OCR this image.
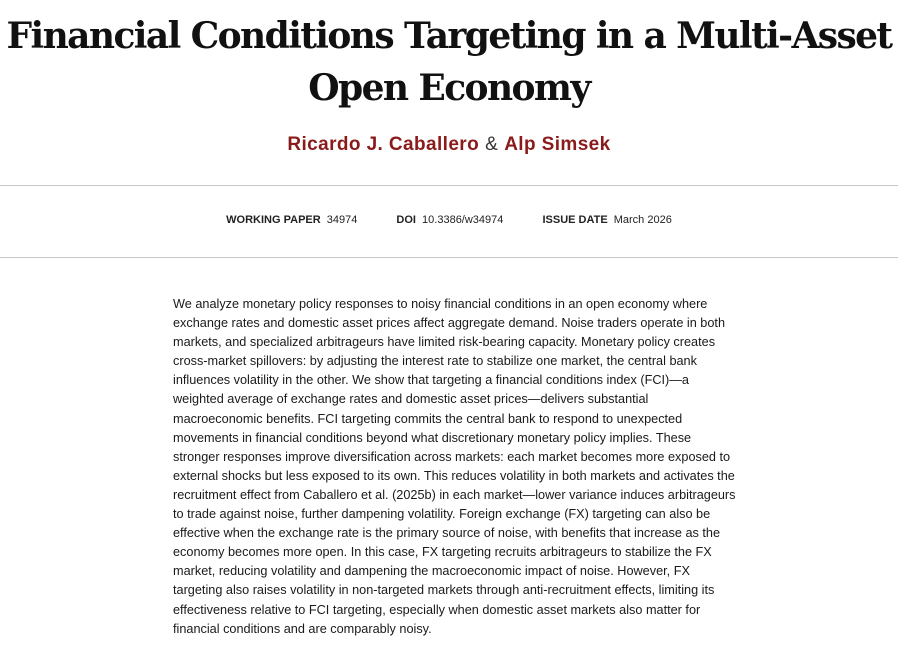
Financial Conditions Targeting in a Multi-Asset Open Economy
Ricardo J. Caballero & Alp Simsek
WORKING PAPER 34974	DOI 10.3386/w34974	ISSUE DATE March 2026

We analyze monetary policy responses to noisy financial conditions in an open economy where exchange rates and domestic asset prices affect aggregate demand. Noise traders operate in both markets, and specialized arbitrageurs have limited risk-bearing capacity. Monetary policy creates cross-market spillovers: by adjusting the interest rate to stabilize one market, the central bank influences volatility in the other. We show that targeting a financial conditions index (FCI)—a weighted average of exchange rates and domestic asset prices—delivers substantial macroeconomic benefits. FCI targeting commits the central bank to respond to unexpected movements in financial conditions beyond what discretionary monetary policy implies. These stronger responses improve diversification across markets: each market becomes more exposed to external shocks but less exposed to its own. This reduces volatility in both markets and activates the recruitment effect from Caballero et al. (2025b) in each market—lower variance induces arbitrageurs to trade against noise, further dampening volatility. Foreign exchange (FX) targeting can also be effective when the exchange rate is the primary source of noise, with benefits that increase as the economy becomes more open. In this case, FX targeting recruits arbitrageurs to stabilize the FX market, reducing volatility and dampening the macroeconomic impact of noise. However, FX targeting also raises volatility in non-targeted markets through anti-recruitment effects, limiting its effectiveness relative to FCI targeting, especially when domestic asset markets also matter for financial conditions and are comparably noisy.
